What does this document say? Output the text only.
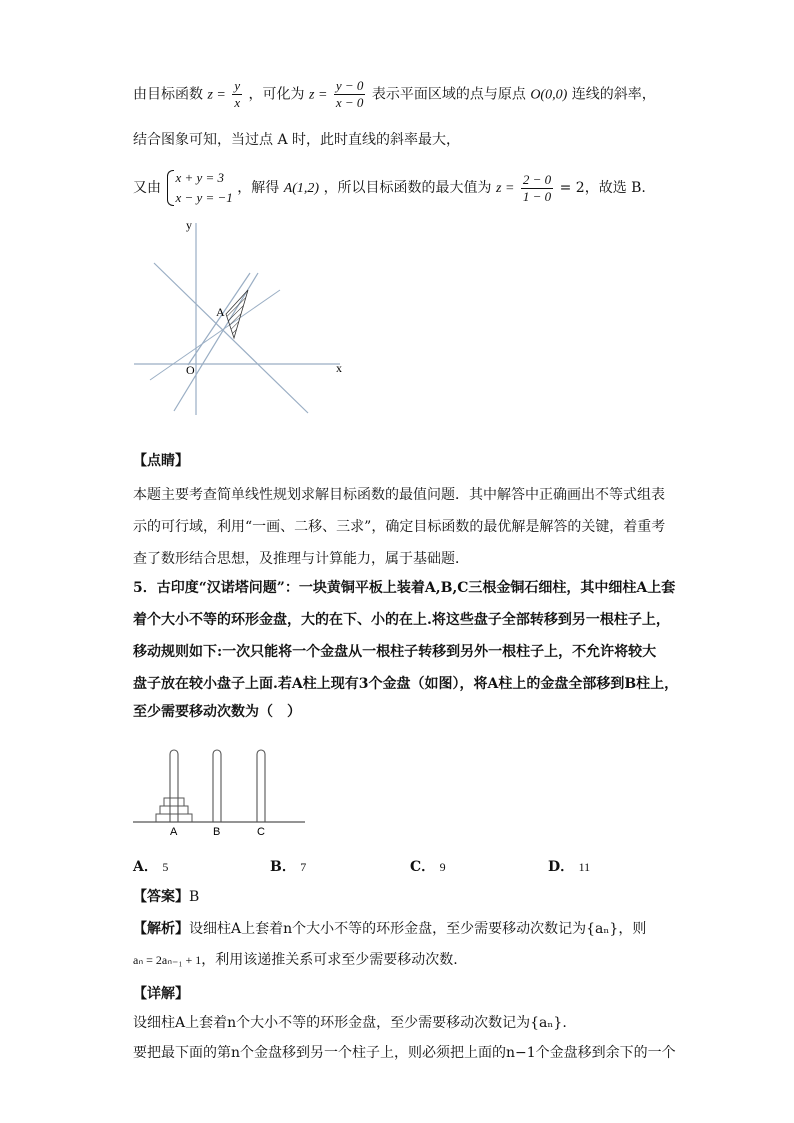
由目标函数 $z = \frac{y}{x}$ ，可化为 $z = \frac{y - 0}{x - 0}$ 表示平面区域的点与原点 O(0,0) 连线的斜率，
结合图象可知，当过点 A 时，此时直线的斜率最大，
又由
x + y = 3
x − y = −1
，解得 A(1,2) ，所以目标函数的最大值为 $z = \frac{2 - 0}{1 - 0} = 2$，故选 B.
y
x
O
A
【点睛】
本题主要考查简单线性规划求解目标函数的最值问题．其中解答中正确画出不等式组表
示的可行域，利用“一画、二移、三求”，确定目标函数的最优解是解答的关键，着重考
查了数形结合思想，及推理与计算能力，属于基础题．
5．古印度“汉诺塔问题”：一块黄铜平板上装着A,B,C三根金铜石细柱，其中细柱A上套
着个大小不等的环形金盘，大的在下、小的在上.将这些盘子全部转移到另一根柱子上，
移动规则如下:一次只能将一个金盘从一根柱子转移到另外一根柱子上，不允许将较大
盘子放在较小盘子上面.若A柱上现有3个金盘（如图），将A柱上的金盘全部移到B柱上，
至少需要移动次数为（　）
A	B	C
A． 5	B． 7	C． 9	D． 11
【答案】B
【解析】设细柱A上套着n个大小不等的环形金盘，至少需要移动次数记为{aₙ}，则
aₙ = 2aₙ₋₁ + 1，利用该递推关系可求至少需要移动次数.
【详解】
设细柱A上套着n个大小不等的环形金盘，至少需要移动次数记为{aₙ}.
要把最下面的第n个金盘移到另一个柱子上，则必须把上面的n−1个金盘移到余下的一个
